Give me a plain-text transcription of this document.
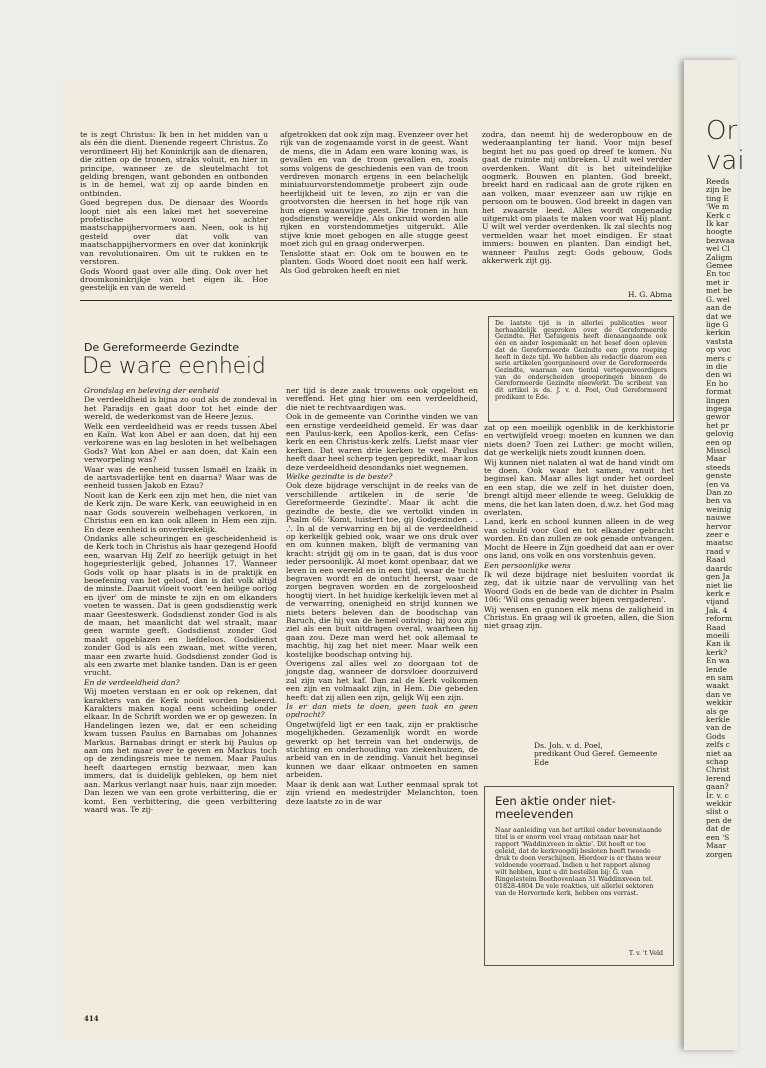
te is zegt Christus: Ik ben in het midden van u als één die dient. Dienende regeert Christus. Zo verordineert Hij het Koninkrijk aan de dienaren, die zitten op de tronen, straks voluit, en hier in principe, wanneer ze de sleutelmacht tot gelding brengen, want gebonden en ontbonden is in de hemel, wat zij op aarde binden en ontbinden.

Goed begrepen dus. De dienaar des Woords loopt niet als een lakei met het soevereine profetische woord achter maatschappijhervormers aan. Neen, ook is hij gesteld over dat volk van maatschappijhervormers en over dat koninkrijk van revolutionairen. Om uit te rukken en te verstoren.

Gods Woord gaat over alle ding. Ook over het droomkoninkrijkje van het eigen ik. Hoe geestelijk en van de wereld

afgetrokken dat ook zijn mag. Evenzeer over het rijk van de zogenaamde vorst in de geest. Want de mens, die in Adam een ware koning was, is gevallen en van de troon gevallen en, zoals soms volgens de geschiedenis een van de troon verdreven monarch ergens in een belachelijk miniatuurvorstendommetje probeert zijn oude heerlijkheid uit te leven, zo zijn er van die grootvorsten die heersen in het hoge rijk van hun eigen waanwijze geest. Die tronen in hun godsdienstig wereldje. Als onkruid worden alle rijken en vorstendommetjes uitgerukt. Alle stijve knie moet gebogen en alle stugge geest moet zich gul en graag onderwerpen.

Tenslotte staat er: Ook om te bouwen en te planten. Gods Woord doet nooit een half werk. Als God gebroken heeft en niet

zodra, dan neemt hij de wederopbouw en de wederaanplanting ter hand. Voor mijn besef begint het nu pas goed op dreef te komen. Nu gaat de ruimte mij ontbreken. U zult wel verder overdenken. Want dit is het uiteindelijke oogmerk. Bouwen en planten. God breekt, breekt hard en radicaal aan de grote rijken en aan volken, maar evenzeer aan uw rijkje en persoon om te bouwen. God breekt in dagen van het zwaarste leed. Alles wordt ongenadig uitgerukt om plaats te maken voor wat Hij plant. U wilt wel verder overdenken. Ik zal slechts nog vermelden waar het moet eindigen. Er staat immers: bouwen en planten. Dan eindigt het, wanneer Paulus zegt: Gods gebouw, Gods akkerwerk zijt gij.

H. G. Abma
De Gereformeerde Gezindte
De ware eenheid

Grondslag en beleving der eenheid

De verdeeldheid is bijna zo oud als de zondeval in het Paradijs en gaat door tot het einde der wereld, de wederkomst van de Heere Jezus.

Welk een verdeeldheid was er reeds tussen Abel en Kaïn. Wat kon Abel er aan doen, dat hij een verkorene was en lag besloten in het welbehagen Gods? Wat kon Abel er aan doen, dat Kaïn een verworpeling was?

Waar was de eenheid tussen Ismaël en Izaäk in de aartsvaderlijke tent en daarna? Waar was de eenheid tussen Jakob en Ezau?

Nooit kan de Kerk een zijn met hen, die niet van de Kerk zijn. De ware Kerk, van eeuwigheid in en naar Gods souverein welbehagen verkoren, in Christus een en kan ook alleen in Hem een zijn. En deze eenheid is onverbrekelijk.

Ondanks alle scheuringen en gescheidenheid is de Kerk toch in Christus als haar gezegend Hoofd een, waarvan Hij Zelf zo heerlijk getuigt in het hogepriesterlijk gebed, Johannes 17. Wanneer Gods volk op haar plaats is in de praktijk en beoefening van het geloof, dan is dat volk altijd de minste. Daaruit vloeit voort 'een heilige oorlog en ijver' om de minste te zijn en om elkanders voeten te wassen. Dat is geen godsdienstig werk maar Geesteswerk. Godsdienst zonder God is als de maan, het maanlicht dat wel straalt, maar geen warmte geeft. Godsdienst zonder God maakt opgeblazen en liefdeloos. Godsdienst zonder God is als een zwaan, met witte veren, maar een zwarte huid. Godsdienst zonder God is als een zwarte met blanke tanden. Dan is er geen vrucht.

En de verdeeldheid dan?

Wij moeten verstaan en er ook op rekenen, dat karakters van de Kerk nooit worden bekeerd. Karakters maken nogal eens scheiding onder elkaar. In de Schrift worden we er op gewezen. In Handelingen lezen we, dat er een scheiding kwam tussen Paulus en Barnabas om Johannes Markus. Barnabas dringt er sterk bij Paulus op aan om het maar over te geven en Markus toch op de zendingsreis mee te nemen. Maar Paulus heeft daartegen ernstig bezwaar, men kan immers, dat is duidelijk gebleken, op hem niet aan. Markus verlangt naar huis, naar zijn moeder. Dan lezen we van een grote verbittering, die er komt. Een verbittering, die geen verbittering waard was. Te zij-

ner tijd is deze zaak trouwens ook opgelost en vereffend. Het ging hier om een verdeeldheid, die niet te rechtvaardigen was.

Ook in de gemeente van Corinthe vinden we van een ernstige verdeeldheid gemeld. Er was daar een Paulus-kerk, een Apollos-kerk, een Cefas-kerk en een Christus-kerk zelfs. Liefst maar vier kerken. Dat waren drie kerken te veel. Paulus heeft daar heel scherp tegen gepredikt, maar kon deze verdeeldheid desondanks niet wegnemen.

Welke gezindte is de beste?

Ook deze bijdrage verschijnt in de reeks van de verschillende artikelen in de serie 'de Gereformeerde Gezindte'. Maar ik acht die gezindte de beste, die we vertolkt vinden in Psalm 66: 'Komt, luistert toe, gij Godgezinden . . .'. In al de verwarring en bij al de verdeeldheid op kerkelijk gebied ook, waar we ons druk over en om kunnen maken, blijft de vermaning van kracht: strijdt gij om in te gaan, dat is dus voor ieder persoonlijk. Al moet komt openbaar, dat we leven in een wereld en in een tijd, waar de tucht begraven wordt en de ontucht heerst, waar de zorgen begraven worden en de zorgeloosheid hoogtij viert. In het huidige kerkelijk leven met al de verwarring, onenigheid en strijd kunnen we niets beters beleven dan de boodschap van Baruch, die hij van de hemel ontving: hij zou zijn ziel als een buit uitdragen overal, waarheen hij gaan zou. Deze man werd het ook allemaal te machtig, hij zag het niet meer. Maar welk een kostelijke boodschap ontving hij.

Overigens zal alles wel zo doorgaan tot de jongste dag, wanneer de dorsvloer doorzuiverd zal zijn van het kaf. Dan zal de Kerk volkomen een zijn en volmaakt zijn, in Hem. Die gebeden heeft: dat zij allen een zijn, gelijk Wij een zijn.

Is er dan niets te doen, geen taak en geen opdracht?

Ongetwijfeld ligt er een taak, zijn er praktische mogelijkheden. Gezamenlijk wordt en worde gewerkt op het terrein van het onderwijs, de stichting en onderhouding van ziekenhuizen, de arbeid van en in de zending. Vanuit het beginsel kunnen we daar elkaar ontmoeten en samen arbeiden.

Maar ik denk aan wat Luther eenmaal sprak tot zijn vriend en medestrijder Melanchton, toen deze laatste zo in de war

De laatste tijd is in allerlei publicaties weer herhaaldelijk gesproken over de Gereformeerde Gezindte. Het Getuigenis heeft dienaangaande ook één en ander losgemaakt en het besef doen opleven dat de Gereformeerde Gezindte een grote roeping heeft in deze tijd. We hebben als redactie daarom een serie artikelen georganiseerd over de Gereformeerde Gezindte, waaraan een tiental vertegenwoordigers van de onderscheiden groeperingen binnen de Gereformeerde Gezindte meewerkt. De scribent van dit artikel is ds. J. v. d. Poel, Oud Gereformeerd predikant te Ede.

zat op een moeilijk ogenblik in de kerkhistorie en vertwijfeld vroeg: moeten en kunnen we dan niets doen? Toen zei Luther: ge mocht willen, dat ge werkelijk niets zoudt kunnen doen.

Wij kunnen niet nalaten al wat de hand vindt om te doen. Ook waar het samen, vanuit het beginsel kan. Maar alles ligt onder het oordeel en een stap, die we zelf in het duister doen, brengt altijd meer ellende te weeg. Gelukkig de mens, die het kan laten doen, d.w.z. het God mag overlaten.

Land, kerk en school kunnen alleen in de weg van schuld voor God en tot elkander gebracht worden. En dan zullen ze ook genade ontvangen. Mocht de Heere in Zijn goedheid dat aan er over ons land, ons volk en ons vorstenhuis geven.

Een persoonlijke wens

Ik wil deze bijdrage niet besluiten voordat ik zeg, dat ik uitzie naar de vervulling van het Woord Gods en de bede van de dichter in Psalm 106: 'Wil ons genadig weer bijeen vergaderen'.

Wij wensen en gunnen elk mens de zaligheid in Christus. En graag wil ik groeten, allen, die Sion niet graag zijn.

Ds. Joh. v. d. Poel,
predikant Oud Geref. Gemeente
Ede
Een aktie onder niet-meelevenden
Naar aanleiding van het artikel onder bovenstaande titel is er enorm veel vraag ontstaan naar het rapport 'Waddinxveen in aktie'. Dit heeft er toe geleid, dat de kerkvoogdij besloten heeft tweede druk te doen verschijnen. Hierdoor is er thans weer voldoende voorraad. Indien u het rapport alsnog wilt hebben, kunt u dit bestellen bij: G. van Ringelesteim Beethovenlaan 31 Waddinxveen tel. 01828-4804 De vele reakties, uit allerlei sektoren van de Hervormde kerk, hebben ons verrast.
T. v. 't Veld
414
Or
vai
Reeds
zijn be
ting E
'We m
Kerk c
Ik kar
hoogte
bezwaa
wel Cl
Zaligm
Gemee
En toc
met ir
met be
G. wel
aan de
dat we
lige G
kerkin
vaststa
op voc
mers c
in die
den wi
En ho
format
lingen
ingega
gewor
het pr
gelovig
een op
Misscl
Maar
steeds
genste
(en va
Dan zo
ben va
weinig
nauwe
hervor
zeer e
maatsc
raad v
Raad
daardc
gen Ja
niet lie
kerk e
vijand
Jak. 4
reform
Raad
moeili
Kan ik
kerk?
En wa
lende
en sam
waakt
dan ve
wekkir
als ge
kerkle
van de
Gods
zelfs c
niet aa
schap
Christ
lerend
gaan?
Ir. v. c
wekkir
slist o
pen de
dat de
een 'S
Maar
zorgen
